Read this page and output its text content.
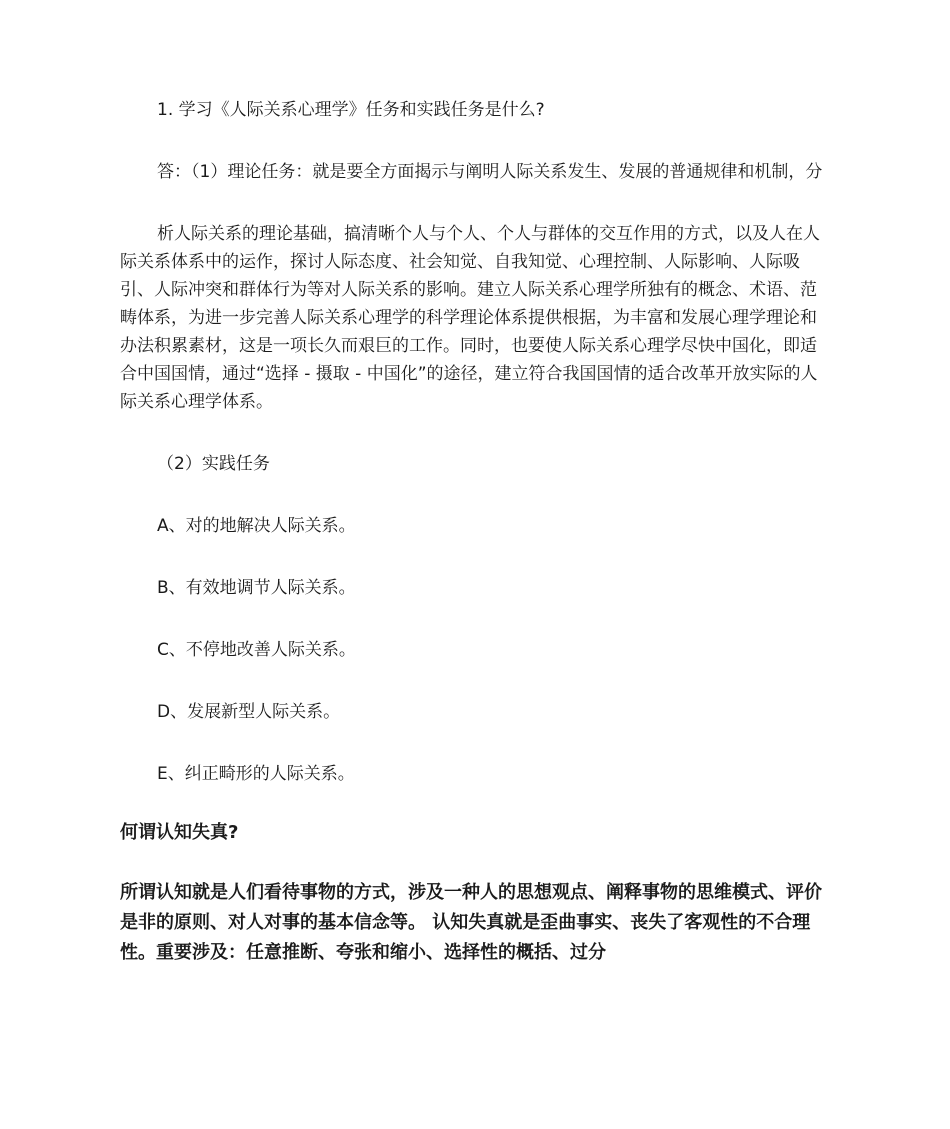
1. 学习《人际关系心理学》任务和实践任务是什么?

答：（1）理论任务：就是要全方面揭示与阐明人际关系发生、发展的普通规律和机制，分

析人际关系的理论基础，搞清晰个人与个人、个人与群体的交互作用的方式，以及人在人际关系体系中的运作，探讨人际态度、社会知觉、自我知觉、心理控制、人际影响、人际吸引、人际冲突和群体行为等对人际关系的影响。建立人际关系心理学所独有的概念、术语、范畴体系，为进一步完善人际关系心理学的科学理论体系提供根据，为丰富和发展心理学理论和办法积累素材，这是一项长久而艰巨的工作。同时，也要使人际关系心理学尽快中国化，即适合中国国情，通过“选择 - 摄取 - 中国化”的途径，建立符合我国国情的适合改革开放实际的人际关系心理学体系。

（2）实践任务

A、对的地解决人际关系。

B、有效地调节人际关系。

C、不停地改善人际关系。

D、发展新型人际关系。

E、纠正畸形的人际关系。

何谓认知失真?

所谓认知就是人们看待事物的方式，涉及一种人的思想观点、阐释事物的思维模式、评价是非的原则、对人对事的基本信念等。 认知失真就是歪曲事实、丧失了客观性的不合理性。重要涉及：任意推断、夸张和缩小、选择性的概括、过分
